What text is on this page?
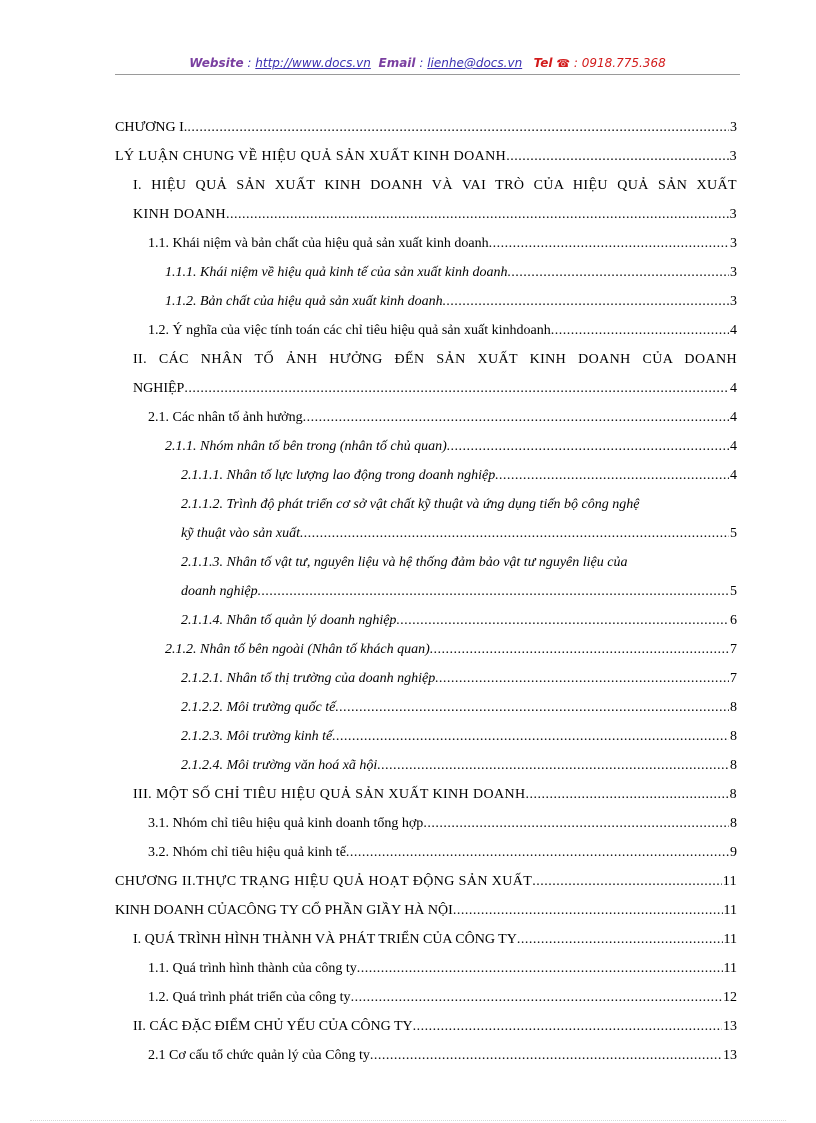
Website : http://www.docs.vn Email : lienhe@docs.vn Tel ☎ : 0918.775.368
CHƯƠNG I. .....	3
LÝ LUẬN CHUNG VỀ HIỆU QUẢ SẢN XUẤT KINH DOANH .....	3
I. HIỆU QUẢ SẢN XUẤT KINH DOANH VÀ VAI TRÒ CỦA HIỆU QUẢ SẢN XUẤT
KINH DOANH .....	3
1.1. Khái niệm và bản chất của hiệu quả sản xuất kinh doanh .....	3
1.1.1. Khái niệm về hiệu quả kinh tế của sản xuất kinh doanh .....	3
1.1.2. Bản chất của hiệu quả sản xuất kinh doanh .....	3
1.2. Ý nghĩa của việc tính toán các chỉ tiêu hiệu quả sản xuất kinhdoanh .....	4
II. CÁC NHÂN TỐ ẢNH HƯỞNG ĐẾN SẢN XUẤT KINH DOANH CỦA DOANH
NGHIỆP .....	4
2.1. Các nhân tố ảnh hưởng .....	4
2.1.1. Nhóm nhân tố bên trong (nhân tố chủ quan) .....	4
2.1.1.1. Nhân tố lực lượng lao động trong doanh nghiệp .....	4
2.1.1.2. Trình độ phát triển cơ sở vật chất kỹ thuật và ứng dụng tiến bộ công nghệ
kỹ thuật vào sản xuất .....	5
2.1.1.3. Nhân tố vật tư, nguyên liệu và hệ thống đảm bảo vật tư nguyên liệu của
doanh nghiệp .....	5
2.1.1.4. Nhân tố quản lý doanh nghiệp .....	6
2.1.2. Nhân tố bên ngoài (Nhân tố khách quan) .....	7
2.1.2.1. Nhân tố thị trường của doanh nghiệp .....	7
2.1.2.2. Môi trường quốc tế .....	8
2.1.2.3. Môi trường kinh tế .....	8
2.1.2.4. Môi trường văn hoá xã hội .....	8
III. MỘT SỐ CHỈ TIÊU HIỆU QUẢ SẢN XUẤT KINH DOANH .....	8
3.1. Nhóm chỉ tiêu hiệu quả kinh doanh tổng hợp .....	8
3.2. Nhóm chỉ tiêu hiệu quả kinh tế .....	9
CHƯƠNG II.THỰC TRẠNG HIỆU QUẢ HOẠT ĐỘNG SẢN XUẤT .....	11
KINH DOANH CỦACÔNG TY CỔ PHẦN GIẦY HÀ NỘI .....	11
I. QUÁ TRÌNH HÌNH THÀNH VÀ PHÁT TRIỂN CỦA CÔNG TY .....	11
1.1. Quá trình hình thành của công ty .....	11
1.2. Quá trình phát triển của công ty .....	12
II. CÁC ĐẶC ĐIỂM CHỦ YẾU CỦA CÔNG TY .....	13
2.1 Cơ cấu tổ chức quản lý của Công ty .....	13
